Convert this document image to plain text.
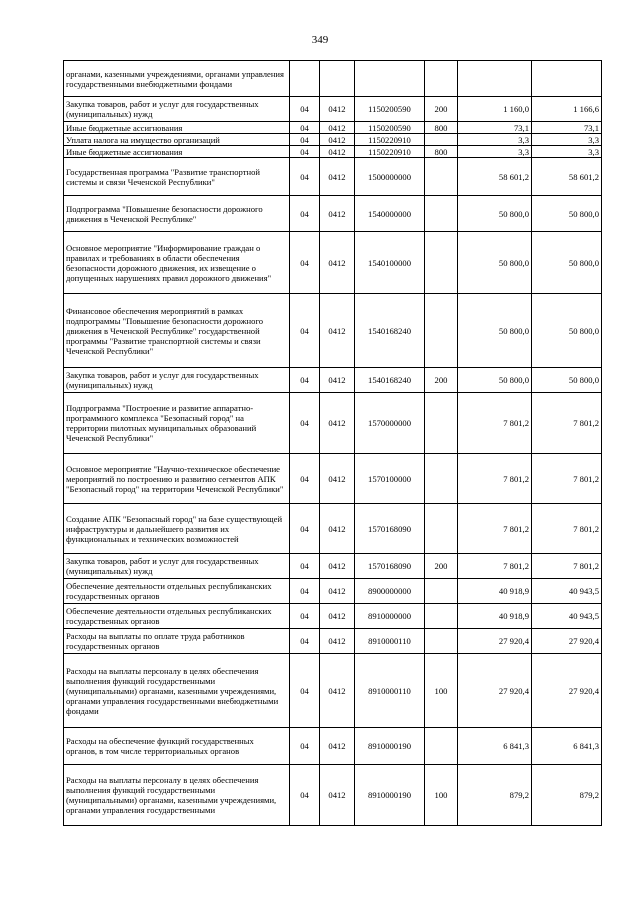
349
органами, казенными учреждениями, органами управления государственными внебюджетными фондами						
Закупка товаров, работ и услуг для государственных (муниципальных) нужд	04	0412	1150200590	200	1 160,0	1 166,6
Иные бюджетные ассигнования	04	0412	1150200590	800	73,1	73,1
Уплата налога на имущество организаций	04	0412	1150220910		3,3	3,3
Иные бюджетные ассигнования	04	0412	1150220910	800	3,3	3,3
Государственная программа "Развитие транспортной системы и связи Чеченской Республики"	04	0412	1500000000		58 601,2	58 601,2
Подпрограмма "Повышение безопасности дорожного движения в Чеченской Республике"	04	0412	1540000000		50 800,0	50 800,0
Основное мероприятие "Информирование граждан о правилах и требованиях в области обеспечения безопасности дорожного движения, их извещение о допущенных нарушениях правил дорожного движения"	04	0412	1540100000		50 800,0	50 800,0
Финансовое обеспечения мероприятий в рамках подпрограммы "Повышение безопасности дорожного движения в Чеченской Республике" государственной программы "Развитие транспортной системы и связи Чеченской Республики"	04	0412	1540168240		50 800,0	50 800,0
Закупка товаров, работ и услуг для государственных (муниципальных) нужд	04	0412	1540168240	200	50 800,0	50 800,0
Подпрограмма "Построение и развитие аппаратно-программного комплекса "Безопасный город" на территории пилотных муниципальных образований Чеченской Республики"	04	0412	1570000000		7 801,2	7 801,2
Основное мероприятие "Научно-техническое обеспечение мероприятий по построению и развитию сегментов АПК "Безопасный город" на территории Чеченской Республики"	04	0412	1570100000		7 801,2	7 801,2
Создание АПК "Безопасный город" на базе существующей инфраструктуры и дальнейшего развития их функциональных и технических возможностей	04	0412	1570168090		7 801,2	7 801,2
Закупка товаров, работ и услуг для государственных (муниципальных) нужд	04	0412	1570168090	200	7 801,2	7 801,2
Обеспечение деятельности отдельных республиканских государственных органов	04	0412	8900000000		40 918,9	40 943,5
Обеспечение деятельности отдельных республиканских государственных органов	04	0412	8910000000		40 918,9	40 943,5
Расходы на выплаты по оплате труда работников государственных органов	04	0412	8910000110		27 920,4	27 920,4
Расходы на выплаты персоналу в целях обеспечения выполнения функций государственными (муниципальными) органами, казенными учреждениями, органами управления государственными внебюджетными фондами	04	0412	8910000110	100	27 920,4	27 920,4
Расходы на обеспечение функций государственных органов, в том числе территориальных органов	04	0412	8910000190		6 841,3	6 841,3
Расходы на выплаты персоналу в целях обеспечения выполнения функций государственными (муниципальными) органами, казенными учреждениями, органами управления государственными	04	0412	8910000190	100	879,2	879,2
